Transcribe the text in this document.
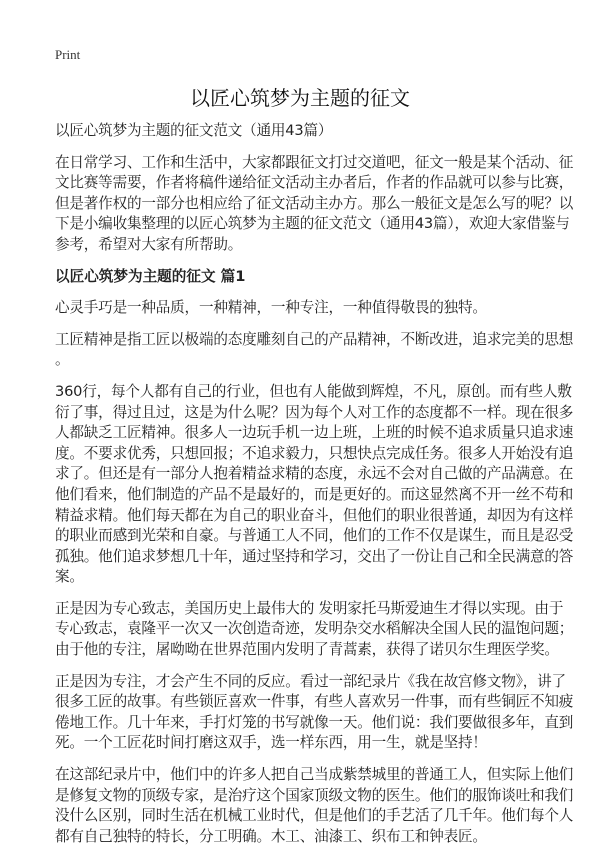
Print
以匠心筑梦为主题的征文

以匠心筑梦为主题的征文范文（通用43篇）

在日常学习、工作和生活中，大家都跟征文打过交道吧，征文一般是某个活动、征
文比赛等需要，作者将稿件递给征文活动主办者后，作者的作品就可以参与比赛，
但是著作权的一部分也相应给了征文活动主办方。那么一般征文是怎么写的呢？以
下是小编收集整理的以匠心筑梦为主题的征文范文（通用43篇），欢迎大家借鉴与
参考，希望对大家有所帮助。

以匠心筑梦为主题的征文 篇1

心灵手巧是一种品质，一种精神，一种专注，一种值得敬畏的独特。

工匠精神是指工匠以极端的态度雕刻自己的产品精神，不断改进，追求完美的思想
。

360行，每个人都有自己的行业，但也有人能做到辉煌，不凡，原创。而有些人敷
衍了事，得过且过，这是为什么呢？因为每个人对工作的态度都不一样。现在很多
人都缺乏工匠精神。很多人一边玩手机一边上班，上班的时候不追求质量只追求速
度。不要求优秀，只想回报；不追求毅力，只想快点完成任务。很多人开始没有追
求了。但还是有一部分人抱着精益求精的态度，永远不会对自己做的产品满意。在
他们看来，他们制造的产品不是最好的，而是更好的。而这显然离不开一丝不苟和
精益求精。他们每天都在为自己的职业奋斗，但他们的职业很普通，却因为有这样
的职业而感到光荣和自豪。与普通工人不同，他们的工作不仅是谋生，而且是忍受
孤独。他们追求梦想几十年，通过坚持和学习，交出了一份让自己和全民满意的答
案。

正是因为专心致志，美国历史上最伟大的 发明家托马斯爱迪生才得以实现。由于
专心致志，袁隆平一次又一次创造奇迹，发明杂交水稻解决全国人民的温饱问题；
由于他的专注，屠呦呦在世界范围内发明了青蒿素，获得了诺贝尔生理医学奖。

正是因为专注，才会产生不同的反应。看过一部纪录片《我在故宫修文物》，讲了
很多工匠的故事。有些锁匠喜欢一件事，有些人喜欢另一件事，而有些铜匠不知疲
倦地工作。几十年来，手打灯笼的书写就像一天。他们说：我们要做很多年，直到
死。一个工匠花时间打磨这双手，选一样东西，用一生，就是坚持！

在这部纪录片中，他们中的许多人把自己当成紫禁城里的普通工人，但实际上他们
是修复文物的顶级专家，是治疗这个国家顶级文物的医生。他们的服饰谈吐和我们
没什么区别，同时生活在机械工业时代，但是他们的手艺活了几千年。他们每个人
都有自己独特的特长，分工明确。木工、油漆工、织布工和钟表匠。
